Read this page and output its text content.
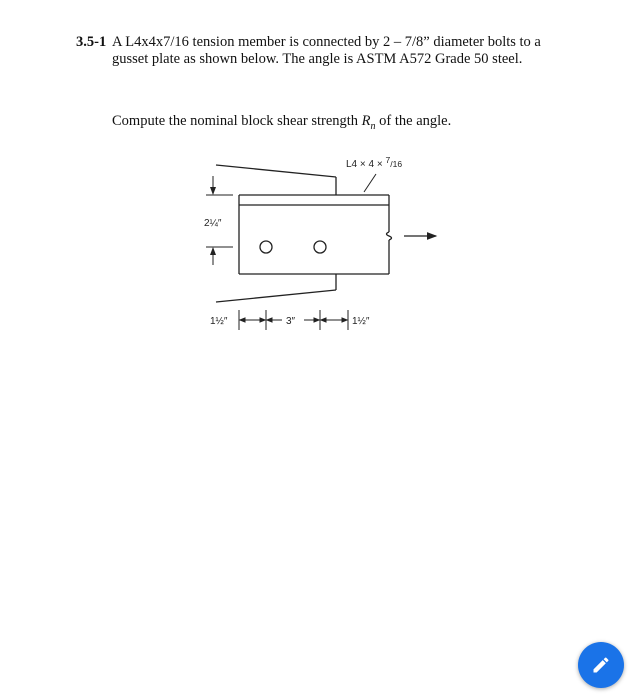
3.5-1 A L4x4x7/16 tension member is connected by 2 – 7/8” diameter bolts to a gusset plate as shown below. The angle is ASTM A572 Grade 50 steel.
Compute the nominal block shear strength $R_n$ of the angle.
L4 × 4 × $^7_/$16
2¼″
1½″	3″	1½″
